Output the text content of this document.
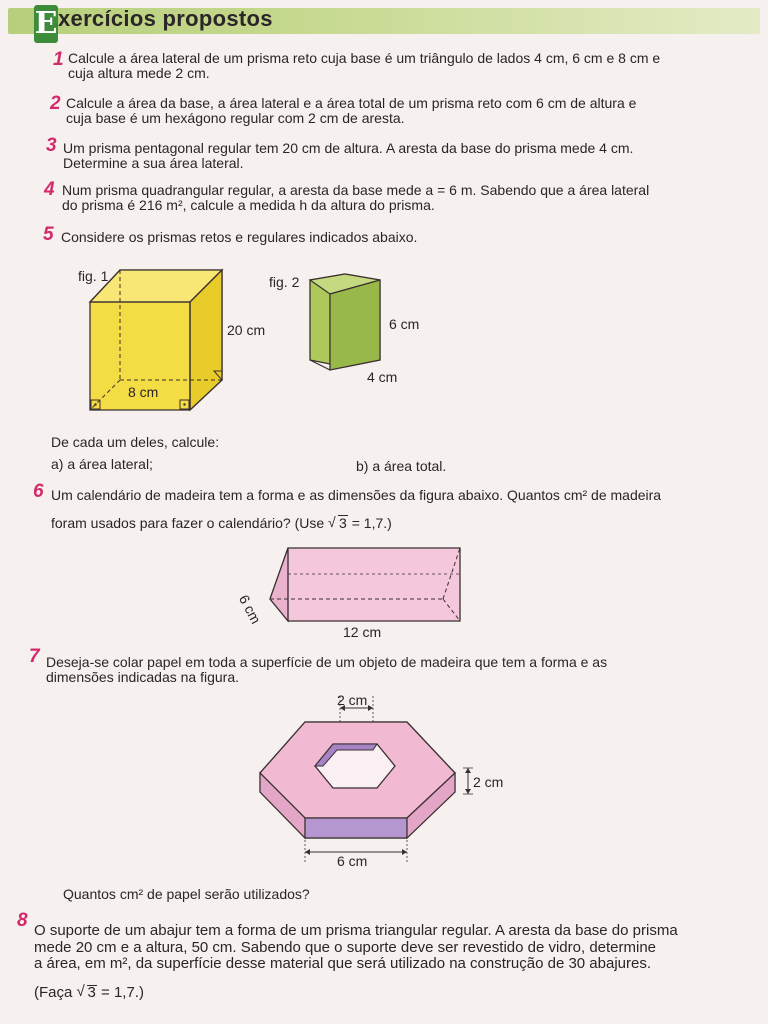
E xercícios propostos
1 Calcule a área lateral de um prisma reto cuja base é um triângulo de lados 4 cm, 6 cm e 8 cm e
cuja altura mede 2 cm.
2 Calcule a área da base, a área lateral e a área total de um prisma reto com 6 cm de altura e
cuja base é um hexágono regular com 2 cm de aresta.
3 Um prisma pentagonal regular tem 20 cm de altura. A aresta da base do prisma mede 4 cm.
Determine a sua área lateral.
4 Num prisma quadrangular regular, a aresta da base mede a = 6 m. Sabendo que a área lateral
do prisma é 216 m², calcule a medida h da altura do prisma.
5 Considere os prismas retos e regulares indicados abaixo.
fig. 1
20 cm
8 cm
fig. 2
6 cm
4 cm
De cada um deles, calcule:
a) a área lateral;	b) a área total.
6 Um calendário de madeira tem a forma e as dimensões da figura abaixo. Quantos cm² de madeira
foram usados para fazer o calendário? (Use √ 3 = 1,7.)
6 cm
12 cm
7 Deseja-se colar papel em toda a superfície de um objeto de madeira que tem a forma e as
dimensões indicadas na figura.
2 cm
2 cm
6 cm
Quantos cm² de papel serão utilizados?
8 O suporte de um abajur tem a forma de um prisma triangular regular. A aresta da base do prisma
mede 20 cm e a altura, 50 cm. Sabendo que o suporte deve ser revestido de vidro, determine
a área, em m², da superfície desse material que será utilizado na construção de 30 abajures.
(Faça √ 3 = 1,7.)
